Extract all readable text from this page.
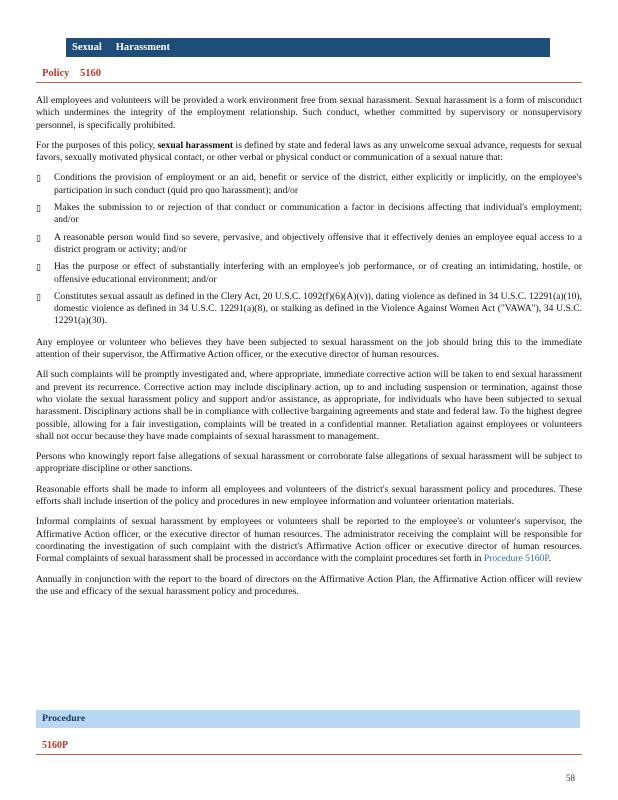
Sexual Harassment
Policy 5160

All employees and volunteers will be provided a work environment free from sexual harassment. Sexual harassment is a form of misconduct which undermines the integrity of the employment relationship. Such conduct, whether committed by supervisory or nonsupervisory personnel, is specifically prohibited.

For the purposes of this policy, sexual harassment is defined by state and federal laws as any unwelcome sexual advance, requests for sexual favors, sexually motivated physical contact, or other verbal or physical conduct or communication of a sexual nature that:

▯ Conditions the provision of employment or an aid, benefit or service of the district, either explicitly or implicitly, on the employee's participation in such conduct (quid pro quo harassment); and/or
▯ Makes the submission to or rejection of that conduct or communication a factor in decisions affecting that individual's employment; and/or
▯ A reasonable person would find so severe, pervasive, and objectively offensive that it effectively denies an employee equal access to a district program or activity; and/or
▯ Has the purpose or effect of substantially interfering with an employee's job performance, or of creating an intimidating, hostile, or offensive educational environment; and/or
▯ Constitutes sexual assault as defined in the Clery Act, 20 U.S.C. 1092(f)(6)(A)(v)), dating violence as defined in 34 U.S.C. 12291(a)(10), domestic violence as defined in 34 U.S.C. 12291(a)(8), or stalking as defined in the Violence Against Women Act ("VAWA"), 34 U.S.C. 12291(a)(30).

Any employee or volunteer who believes they have been subjected to sexual harassment on the job should bring this to the immediate attention of their supervisor, the Affirmative Action officer, or the executive director of human resources.

All such complaints will be promptly investigated and, where appropriate, immediate corrective action will be taken to end sexual harassment and prevent its recurrence. Corrective action may include disciplinary action, up to and including suspension or termination, against those who violate the sexual harassment policy and support and/or assistance, as appropriate, for individuals who have been subjected to sexual harassment. Disciplinary actions shall be in compliance with collective bargaining agreements and state and federal law. To the highest degree possible, allowing for a fair investigation, complaints will be treated in a confidential manner. Retaliation against employees or volunteers shall not occur because they have made complaints of sexual harassment to management.

Persons who knowingly report false allegations of sexual harassment or corroborate false allegations of sexual harassment will be subject to appropriate discipline or other sanctions.

Reasonable efforts shall be made to inform all employees and volunteers of the district's sexual harassment policy and procedures. These efforts shall include insertion of the policy and procedures in new employee information and volunteer orientation materials.

Informal complaints of sexual harassment by employees or volunteers shall be reported to the employee's or volunteer's supervisor, the Affirmative Action officer, or the executive director of human resources. The administrator receiving the complaint will be responsible for coordinating the investigation of such complaint with the district's Affirmative Action officer or executive director of human resources. Formal complaints of sexual harassment shall be processed in accordance with the complaint procedures set forth in Procedure 5160P.

Annually in conjunction with the report to the board of directors on the Affirmative Action Plan, the Affirmative Action officer will review the use and efficacy of the sexual harassment policy and procedures.

Procedure
5160P
58
